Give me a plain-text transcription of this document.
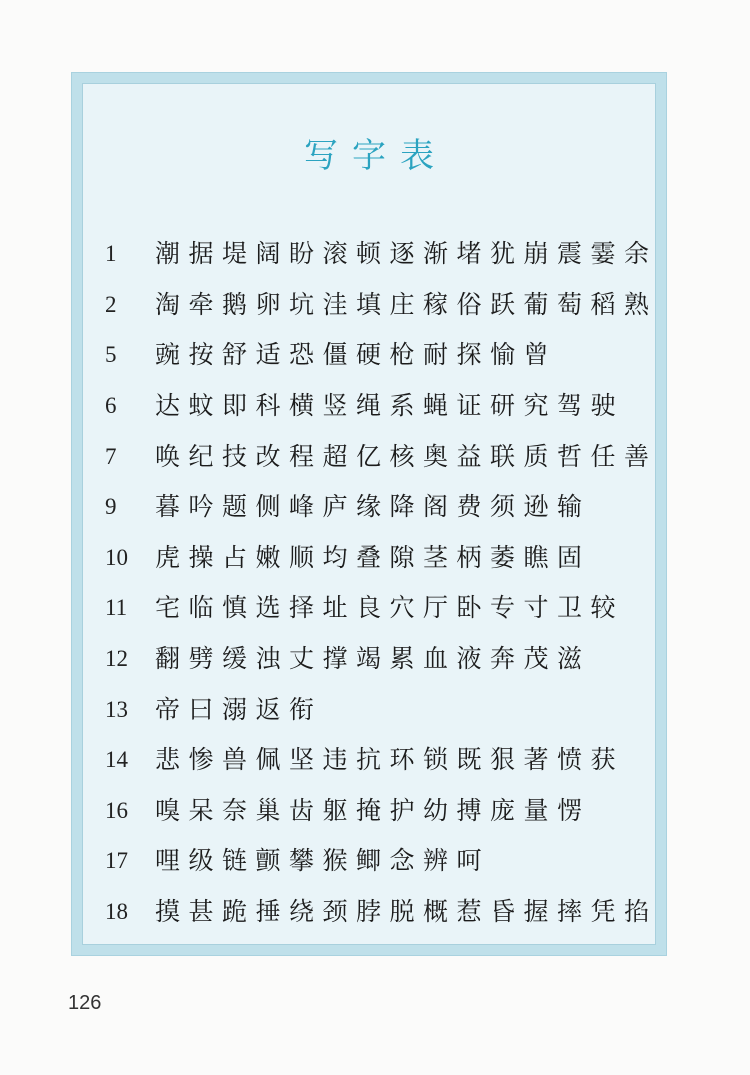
写字表
1	潮据堤阔盼滚顿逐渐堵犹崩震霎余
2	淘牵鹅卵坑洼填庄稼俗跃葡萄稻熟
5	豌按舒适恐僵硬枪耐探愉曾
6	达蚊即科横竖绳系蝇证研究驾驶
7	唤纪技改程超亿核奥益联质哲任善
9	暮吟题侧峰庐缘降阁费须逊输
10	虎操占嫩顺均叠隙茎柄萎瞧固
11	宅临慎选择址良穴厅卧专寸卫较
12	翻劈缓浊丈撑竭累血液奔茂滋
13	帝曰溺返衔
14	悲惨兽佩坚违抗环锁既狠著愤获
16	嗅呆奈巢齿躯掩护幼搏庞量愣
17	哩级链颤攀猴鲫念辨呵
18	摸甚跪捶绕颈脖脱概惹昏握摔凭掐
126
